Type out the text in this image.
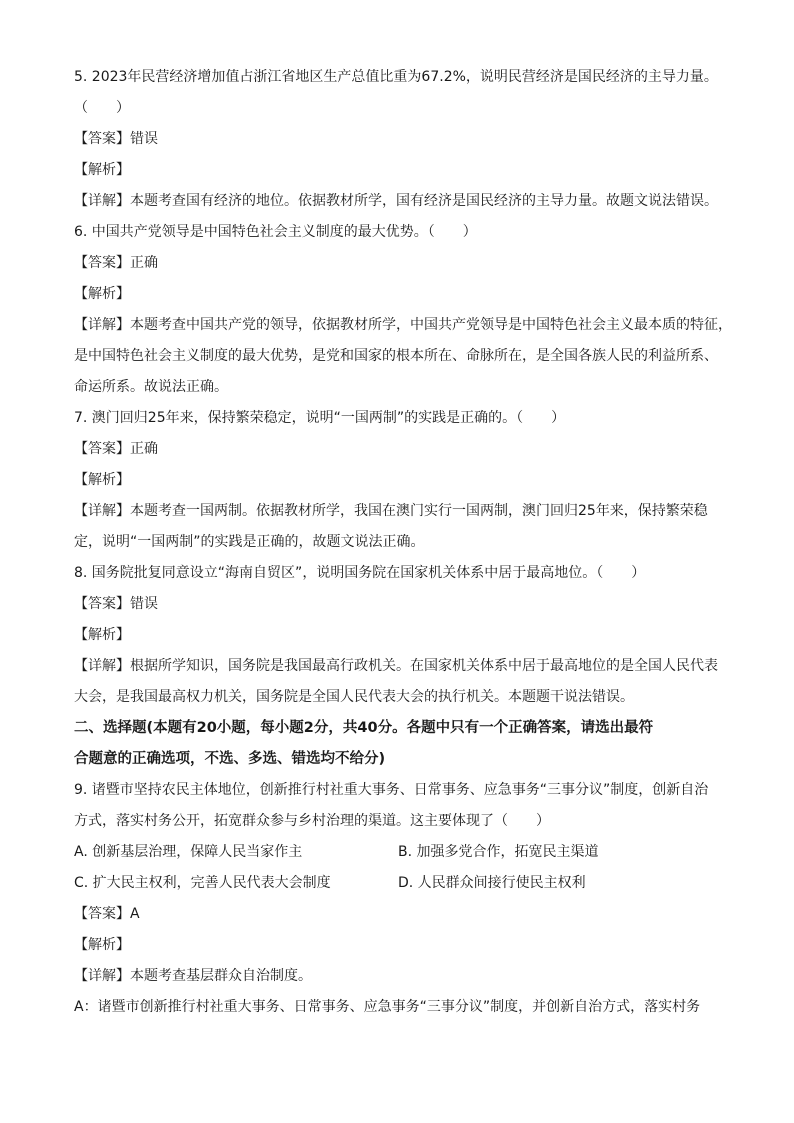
5. 2023年民营经济增加值占浙江省地区生产总值比重为67.2%，说明民营经济是国民经济的主导力量。
（　　）
【答案】错误
【解析】
【详解】本题考查国有经济的地位。依据教材所学，国有经济是国民经济的主导力量。故题文说法错误。
6. 中国共产党领导是中国特色社会主义制度的最大优势。（　　）
【答案】正确
【解析】
【详解】本题考查中国共产党的领导，依据教材所学，中国共产党领导是中国特色社会主义最本质的特征，
是中国特色社会主义制度的最大优势，是党和国家的根本所在、命脉所在，是全国各族人民的利益所系、
命运所系。故说法正确。
7. 澳门回归25年来，保持繁荣稳定，说明“一国两制”的实践是正确的。（　　）
【答案】正确
【解析】
【详解】本题考查一国两制。依据教材所学，我国在澳门实行一国两制，澳门回归25年来，保持繁荣稳
定，说明“一国两制”的实践是正确的，故题文说法正确。
8. 国务院批复同意设立“海南自贸区”，说明国务院在国家机关体系中居于最高地位。（　　）
【答案】错误
【解析】
【详解】根据所学知识，国务院是我国最高行政机关。在国家机关体系中居于最高地位的是全国人民代表
大会，是我国最高权力机关，国务院是全国人民代表大会的执行机关。本题题干说法错误。
二、选择题(本题有20小题，每小题2分，共40分。各题中只有一个正确答案，请选出最符
合题意的正确选项，不选、多选、错选均不给分)
9. 诸暨市坚持农民主体地位，创新推行村社重大事务、日常事务、应急事务“三事分议”制度，创新自治
方式，落实村务公开，拓宽群众参与乡村治理的渠道。这主要体现了（　　）
A. 创新基层治理，保障人民当家作主	B. 加强多党合作，拓宽民主渠道
C. 扩大民主权利，完善人民代表大会制度	D. 人民群众间接行使民主权利
【答案】A
【解析】
【详解】本题考查基层群众自治制度。
A：诸暨市创新推行村社重大事务、日常事务、应急事务“三事分议”制度，并创新自治方式，落实村务
